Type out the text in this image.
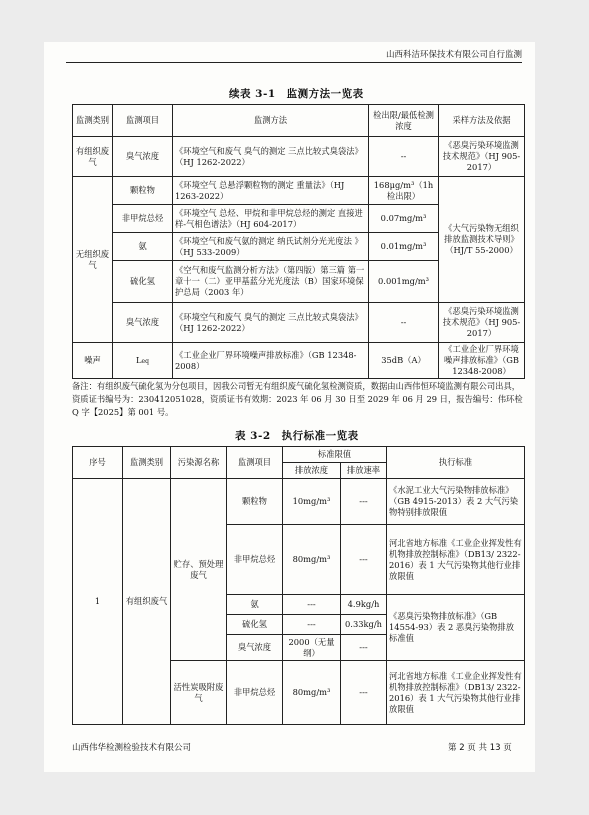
山西科洁环保技术有限公司自行监测
续表 3-1　监测方法一览表
监测类别	监测项目	监测方法	检出限/最低检测浓度	采样方法及依据
有组织废气	臭气浓度	《环境空气和废气 臭气的测定 三点比较式臭袋法》（HJ 1262-2022）	--	《恶臭污染环境监测技术规范》（HJ 905-2017）
无组织废气	颗粒物	《环境空气 总悬浮颗粒物的测定 重量法》（HJ 1263-2022）	168μg/m³（1h 检出限）	《大气污染物无组织排放监测技术导则》（HJ/T 55-2000）
	非甲烷总烃	《环境空气 总烃、甲烷和非甲烷总烃的测定 直接进样-气相色谱法》（HJ 604-2017）	0.07mg/m³	
	氨	《环境空气和废气氨的测定 纳氏试剂分光光度法 》（HJ 533-2009）	0.01mg/m³	
	硫化氢	《空气和废气监测分析方法》（第四版）第三篇 第一章十一（二）亚甲基蓝分光光度法（B）国家环境保护总局（2003 年）	0.001mg/m³	
	臭气浓度	《环境空气和废气 臭气的测定 三点比较式臭袋法》（HJ 1262-2022）	--	《恶臭污染环境监测技术规范》（HJ 905-2017）
噪声	Leq	《工业企业厂界环境噪声排放标准》（GB 12348-2008）	35dB（A）	《工业企业厂界环境噪声排放标准》（GB 12348-2008）
备注：有组织废气硫化氢为分包项目，因我公司暂无有组织废气硫化氢检测资质，数据由山西伟恒环境监测有限公司出具，资质证书编号为：230412051028，资质证书有效期：2023 年 06 月 30 日至 2029 年 06 月 29 日，报告编号：伟环检 Q 字【2025】第 001 号。
表 3-2　执行标准一览表
序号	监测类别	污染源名称	监测项目	标准限值		执行标准
				排放浓度	排放速率	
1	有组织废气	贮存、预处理废气	颗粒物	10mg/m³	---	《水泥工业大气污染物排放标准》（GB 4915-2013）表 2 大气污染物特别排放限值
			非甲烷总烃	80mg/m³	---	河北省地方标准《工业企业挥发性有机物排放控制标准》（DB13/ 2322-2016）表 1 大气污染物其他行业排放限值
			氨	---	4.9kg/h	《恶臭污染物排放标准》（GB 14554-93）表 2 恶臭污染物排放标准值
			硫化氢	---	0.33kg/h	
			臭气浓度	2000（无量纲）	---	
		活性炭吸附废气	非甲烷总烃	80mg/m³	---	河北省地方标准《工业企业挥发性有机物排放控制标准》（DB13/ 2322-2016）表 1 大气污染物其他行业排放限值
山西伟华检测检验技术有限公司	第 2 页 共 13 页
